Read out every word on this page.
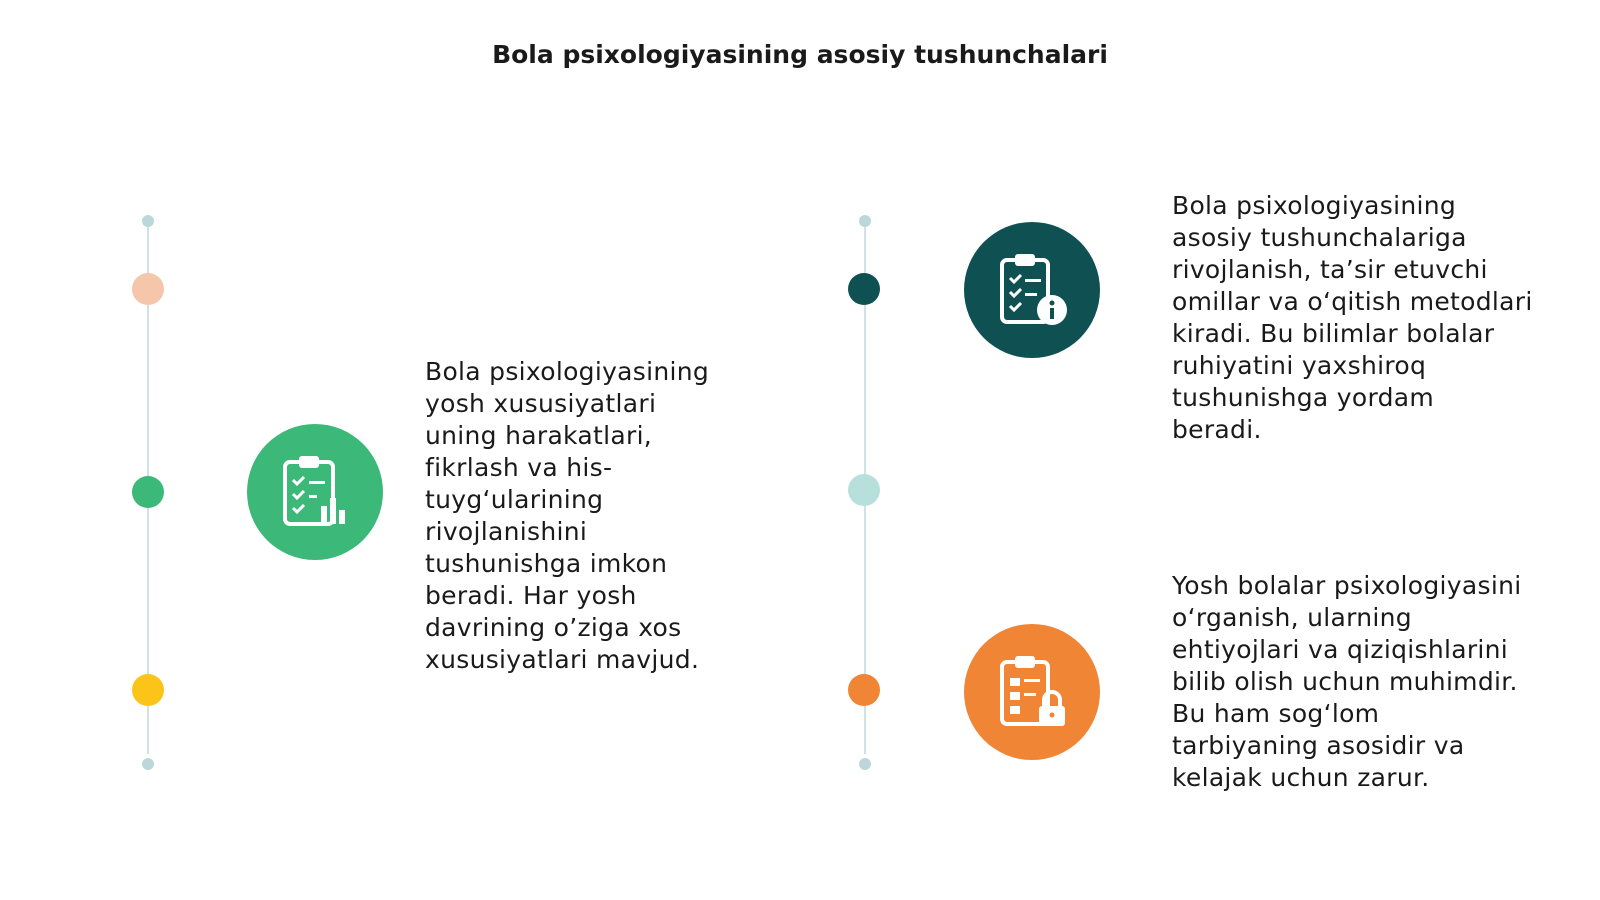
Bola psixologiyasining asosiy tushunchalari
Bola psixologiyasining
yosh xususiyatlari
uning harakatlari,
fikrlash va his-
tuyg‘ularining
rivojlanishini
tushunishga imkon
beradi. Har yosh
davrining o’ziga xos
xususiyatlari mavjud.
Bola psixologiyasining
asosiy tushunchalariga
rivojlanish, ta’sir etuvchi
omillar va o‘qitish metodlari
kiradi. Bu bilimlar bolalar
ruhiyatini yaxshiroq
tushunishga yordam
beradi.
Yosh bolalar psixologiyasini
o‘rganish, ularning
ehtiyojlari va qiziqishlarini
bilib olish uchun muhimdir.
Bu ham sog‘lom
tarbiyaning asosidir va
kelajak uchun zarur.
